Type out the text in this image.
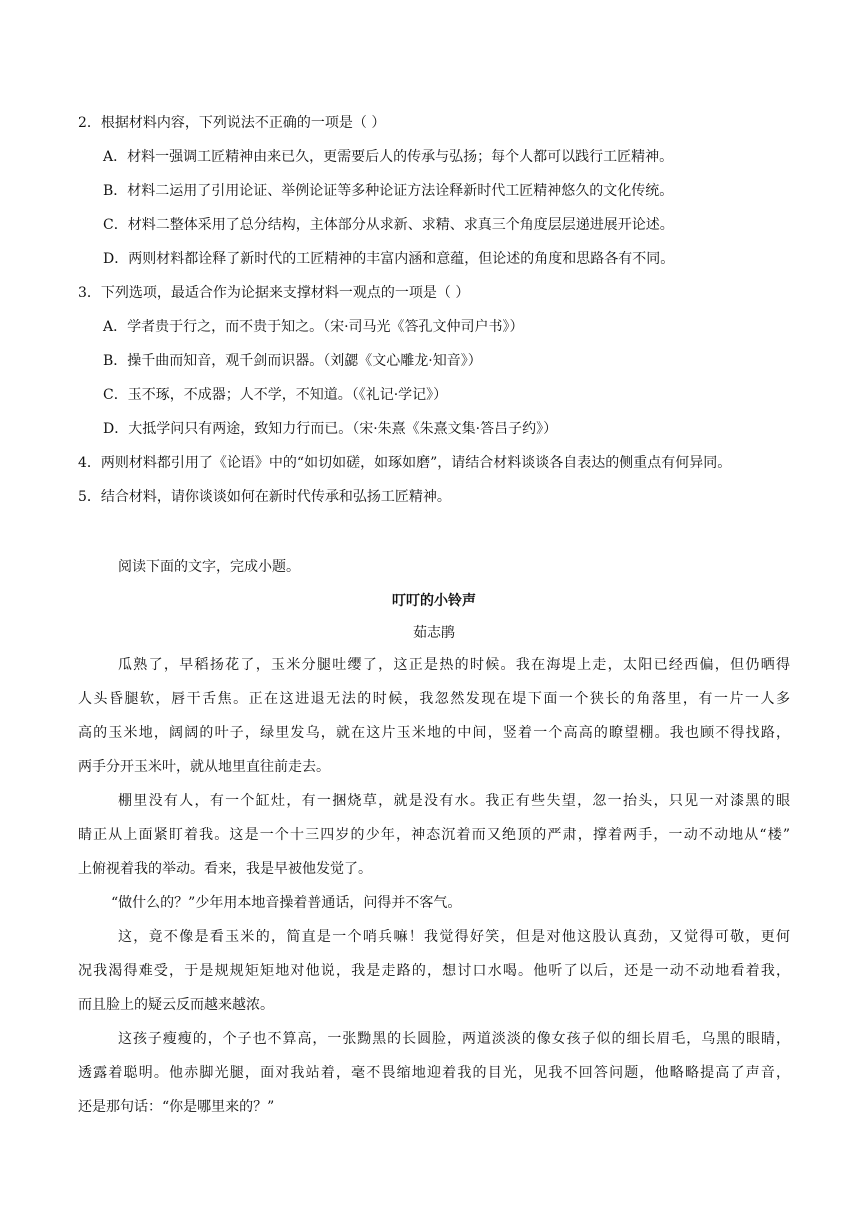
2．根据材料内容，下列说法不正确的一项是（ ）
A．材料一强调工匠精神由来已久，更需要后人的传承与弘扬；每个人都可以践行工匠精神。
B．材料二运用了引用论证、举例论证等多种论证方法诠释新时代工匠精神悠久的文化传统。
C．材料二整体采用了总分结构，主体部分从求新、求精、求真三个角度层层递进展开论述。
D．两则材料都诠释了新时代的工匠精神的丰富内涵和意蕴，但论述的角度和思路各有不同。
3．下列选项，最适合作为论据来支撑材料一观点的一项是（ ）
A．学者贵于行之，而不贵于知之。（宋·司马光《答孔文仲司户书》）
B．操千曲而知音，观千剑而识器。（刘勰《文心雕龙·知音》）
C．玉不琢，不成器；人不学，不知道。（《礼记·学记》）
D．大抵学问只有两途，致知力行而已。（宋·朱熹《朱熹文集·答吕子约》）
4．两则材料都引用了《论语》中的“如切如磋，如琢如磨”，请结合材料谈谈各自表达的侧重点有何异同。
5．结合材料，请你谈谈如何在新时代传承和弘扬工匠精神。
阅读下面的文字，完成小题。
叮叮的小铃声
茹志鹃
瓜熟了，早稻扬花了，玉米分腿吐缨了，这正是热的时候。我在海堤上走，太阳已经西偏，但仍晒得
人头昏腿软，唇干舌焦。正在这进退无法的时候，我忽然发现在堤下面一个狭长的角落里，有一片一人多
高的玉米地，阔阔的叶子，绿里发乌，就在这片玉米地的中间，竖着一个高高的瞭望棚。我也顾不得找路，
两手分开玉米叶，就从地里直往前走去。
棚里没有人，有一个缸灶，有一捆烧草，就是没有水。我正有些失望，忽一抬头，只见一对漆黑的眼
睛正从上面紧盯着我。这是一个十三四岁的少年，神态沉着而又绝顶的严肃，撑着两手，一动不动地从“楼”
上俯视着我的举动。看来，我是早被他发觉了。
“做什么的？”少年用本地音操着普通话，问得并不客气。
这，竟不像是看玉米的，简直是一个哨兵嘛！我觉得好笑，但是对他这股认真劲，又觉得可敬，更何
况我渴得难受，于是规规矩矩地对他说，我是走路的，想讨口水喝。他听了以后，还是一动不动地看着我，
而且脸上的疑云反而越来越浓。
这孩子瘦瘦的，个子也不算高，一张黝黑的长圆脸，两道淡淡的像女孩子似的细长眉毛，乌黑的眼睛，
透露着聪明。他赤脚光腿，面对我站着，毫不畏缩地迎着我的目光，见我不回答问题，他略略提高了声音，
还是那句话：“你是哪里来的？”
